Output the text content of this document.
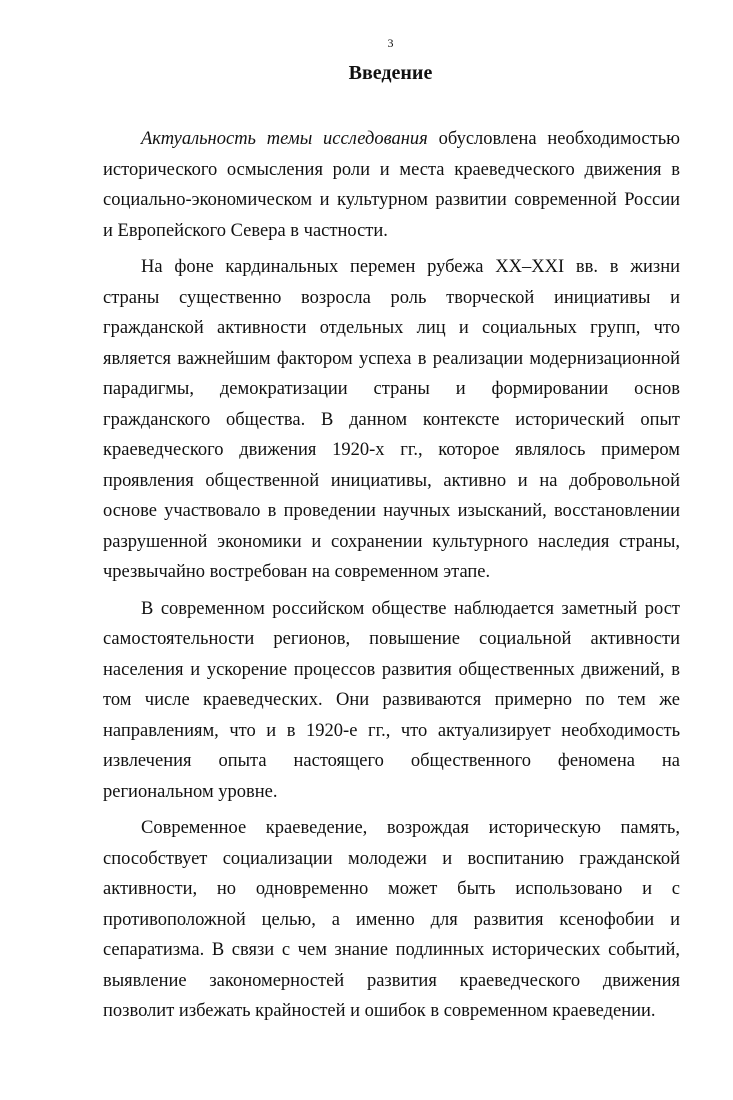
3
Введение

Актуальность темы исследования обусловлена необходимостью исторического осмысления роли и места краеведческого движения в социально-экономическом и культурном развитии современной России и Европейского Севера в частности.

На фоне кардинальных перемен рубежа XX–XXI вв. в жизни страны существенно возросла роль творческой инициативы и гражданской активности отдельных лиц и социальных групп, что является важнейшим фактором успеха в реализации модернизационной парадигмы, демократизации страны и формировании основ гражданского общества. В данном контексте исторический опыт краеведческого движения 1920-х гг., которое являлось примером проявления общественной инициативы, активно и на добровольной основе участвовало в проведении научных изысканий, восстановлении разрушенной экономики и сохранении культурного наследия страны, чрезвычайно востребован на современном этапе.

В современном российском обществе наблюдается заметный рост самостоятельности регионов, повышение социальной активности населения и ускорение процессов развития общественных движений, в том числе краеведческих. Они развиваются примерно по тем же направлениям, что и в 1920-е гг., что актуализирует необходимость извлечения опыта настоящего общественного феномена на региональном уровне.

Современное краеведение, возрождая историческую память, способствует социализации молодежи и воспитанию гражданской активности, но одновременно может быть использовано и с противоположной целью, а именно для развития ксенофобии и сепаратизма. В связи с чем знание подлинных исторических событий, выявление закономерностей развития краеведческого движения позволит избежать крайностей и ошибок в современном краеведении.
